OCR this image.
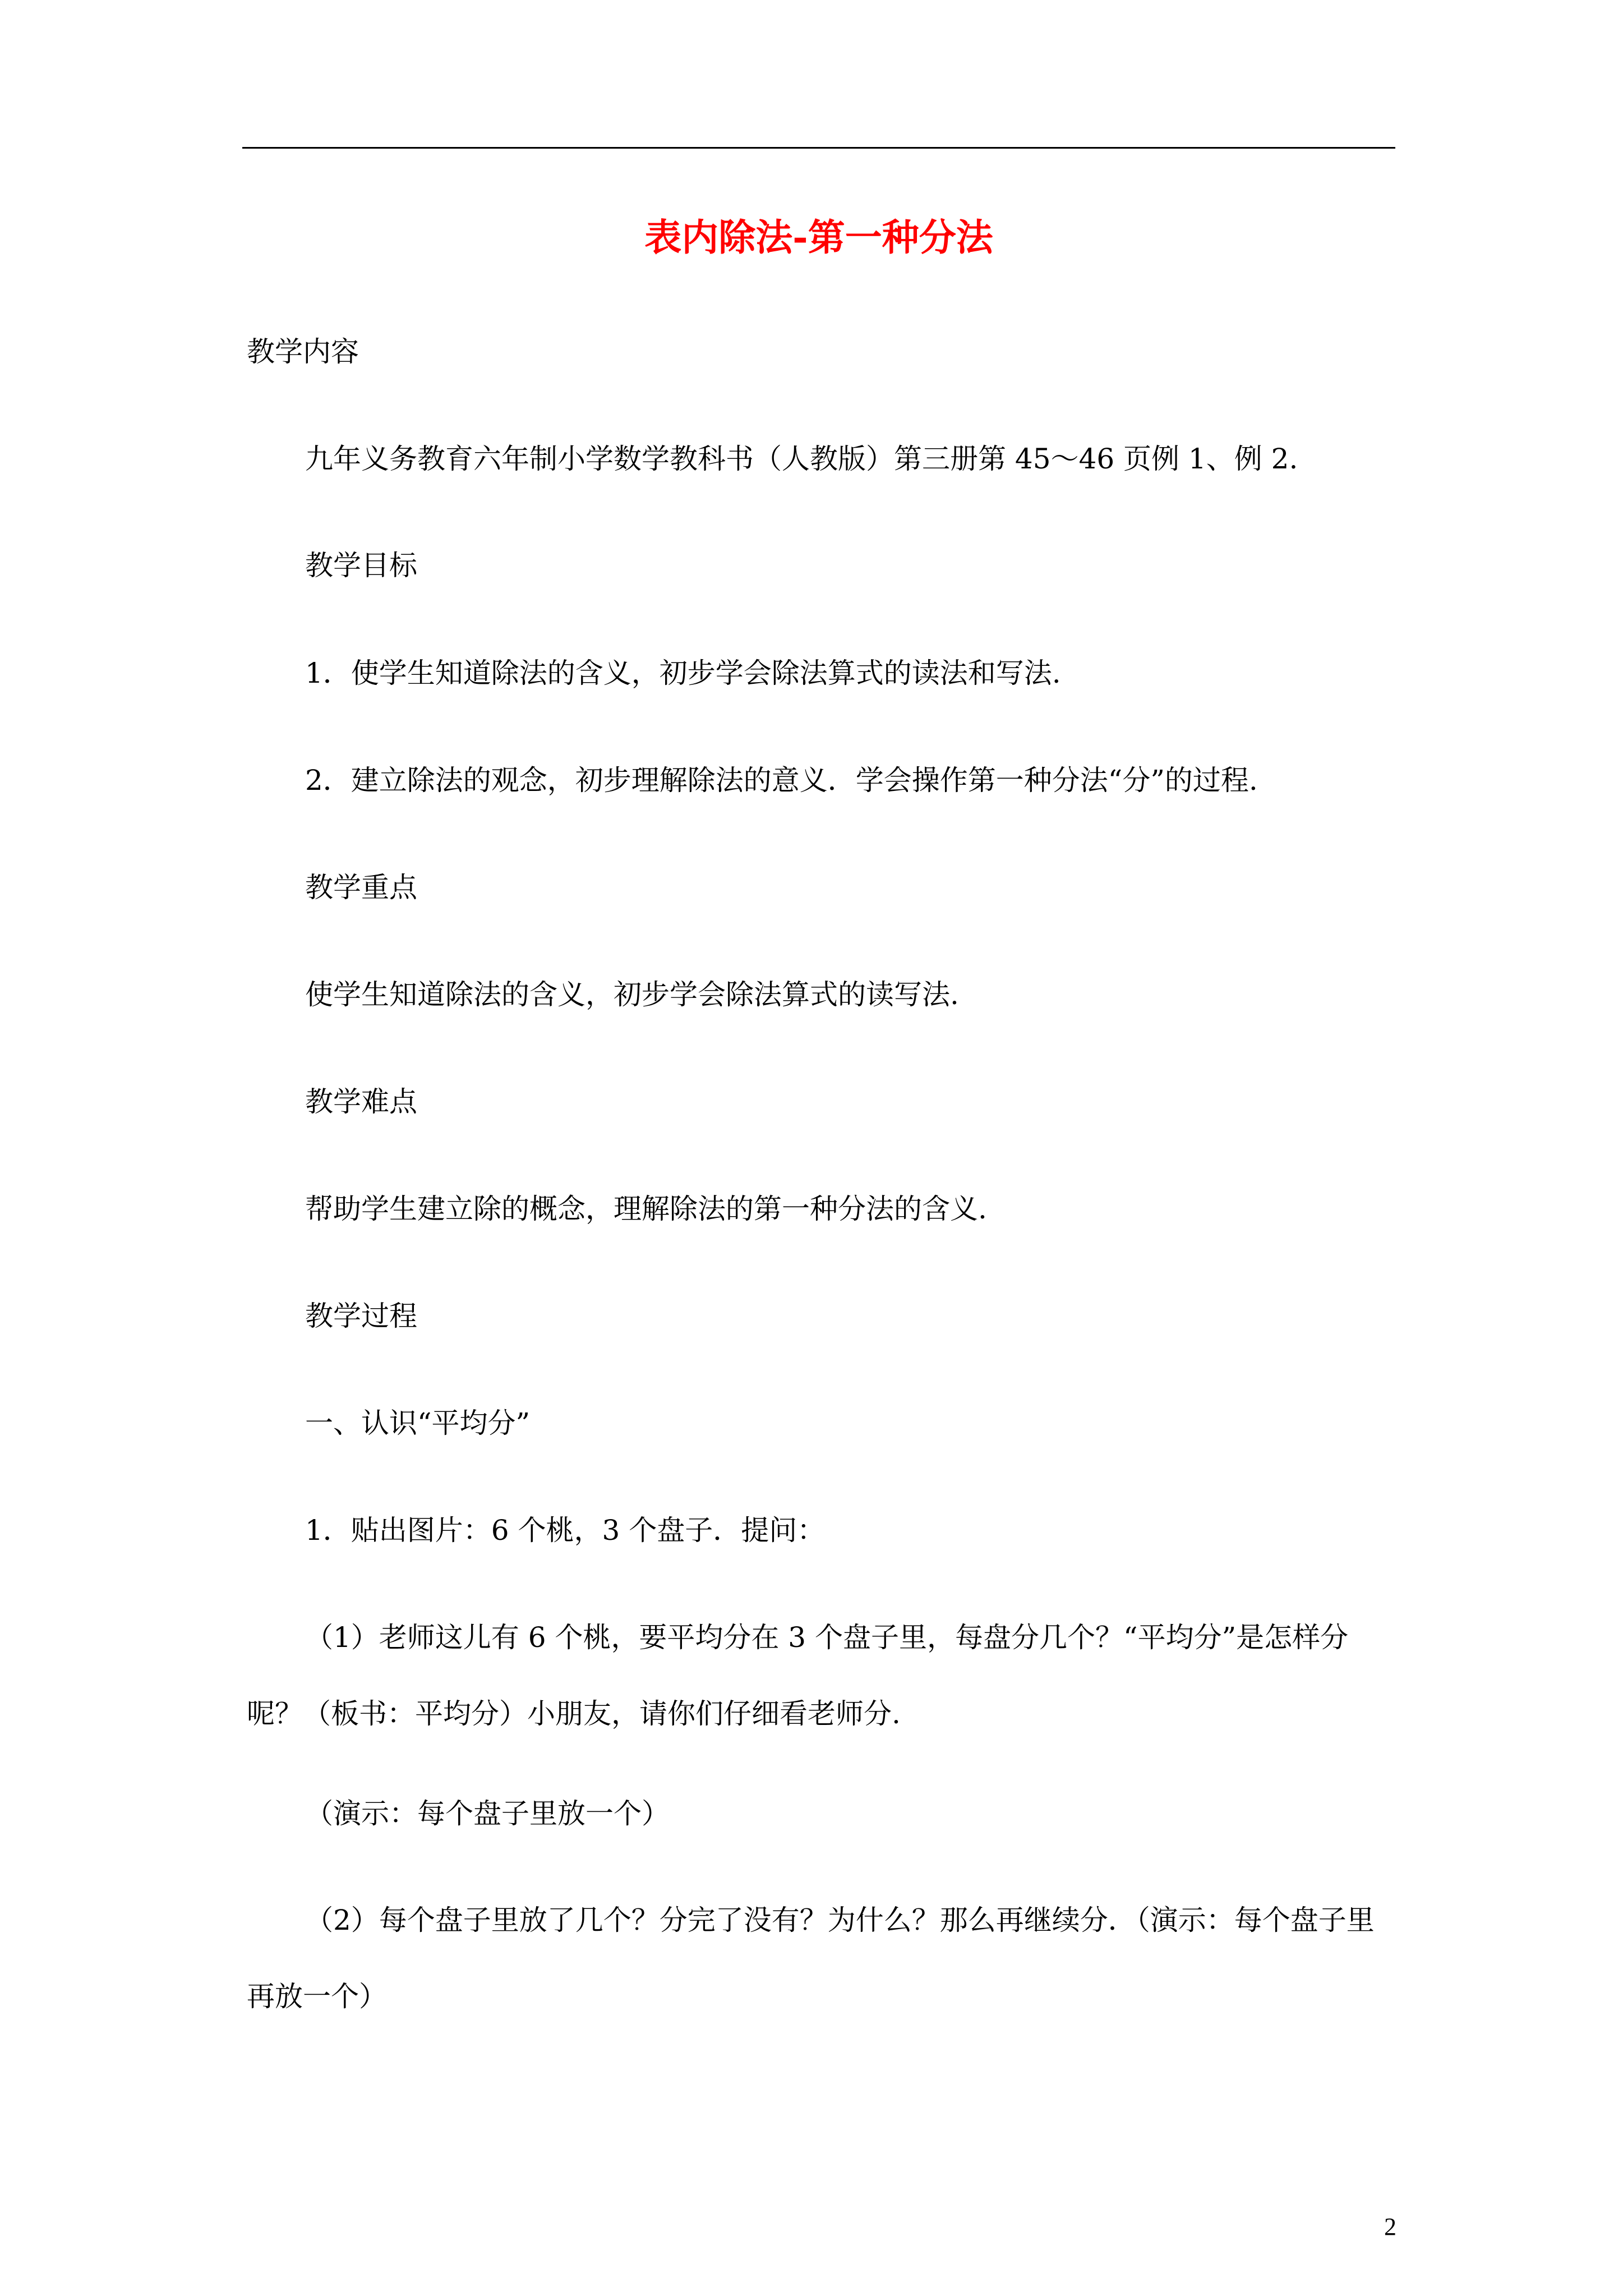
表内除法-第一种分法
教学内容
九年义务教育六年制小学数学教科书（人教版）第三册第 45～46 页例 1、例 2.
教学目标
1．使学生知道除法的含义，初步学会除法算式的读法和写法.
2．建立除法的观念，初步理解除法的意义．学会操作第一种分法“分”的过程.
教学重点
使学生知道除法的含义，初步学会除法算式的读写法.
教学难点
帮助学生建立除的概念，理解除法的第一种分法的含义.
教学过程
一、认识“平均分”
1．贴出图片：6 个桃，3 个盘子．提问：
（1）老师这儿有 6 个桃，要平均分在 3 个盘子里，每盘分几个？“平均分”是怎样分呢？（板书：平均分）小朋友，请你们仔细看老师分.
（演示：每个盘子里放一个）
（2）每个盘子里放了几个？分完了没有？为什么？那么再继续分．（演示：每个盘子里再放一个）
2
